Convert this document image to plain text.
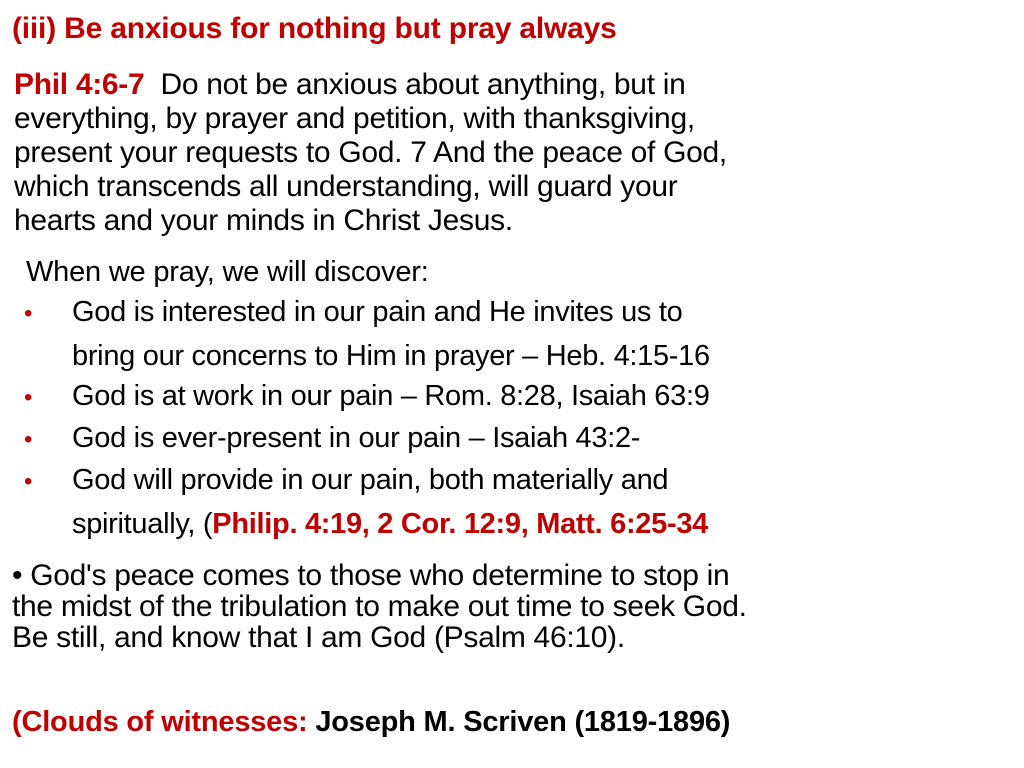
(iii) Be anxious for nothing but pray always
Phil 4:6-7 Do not be anxious about anything, but in
everything, by prayer and petition, with thanksgiving,
present your requests to God. 7 And the peace of God,
which transcends all understanding, will guard your
hearts and your minds in Christ Jesus.
When we pray, we will discover:
• God is interested in our pain and He invites us to
bring our concerns to Him in prayer – Heb. 4:15-16
• God is at work in our pain – Rom. 8:28, Isaiah 63:9
• God is ever-present in our pain – Isaiah 43:2-
• God will provide in our pain, both materially and
spiritually, (Philip. 4:19, 2 Cor. 12:9, Matt. 6:25-34
• God's peace comes to those who determine to stop in
the midst of the tribulation to make out time to seek God.
Be still, and know that I am God (Psalm 46:10).
(Clouds of witnesses: Joseph M. Scriven (1819-1896)
